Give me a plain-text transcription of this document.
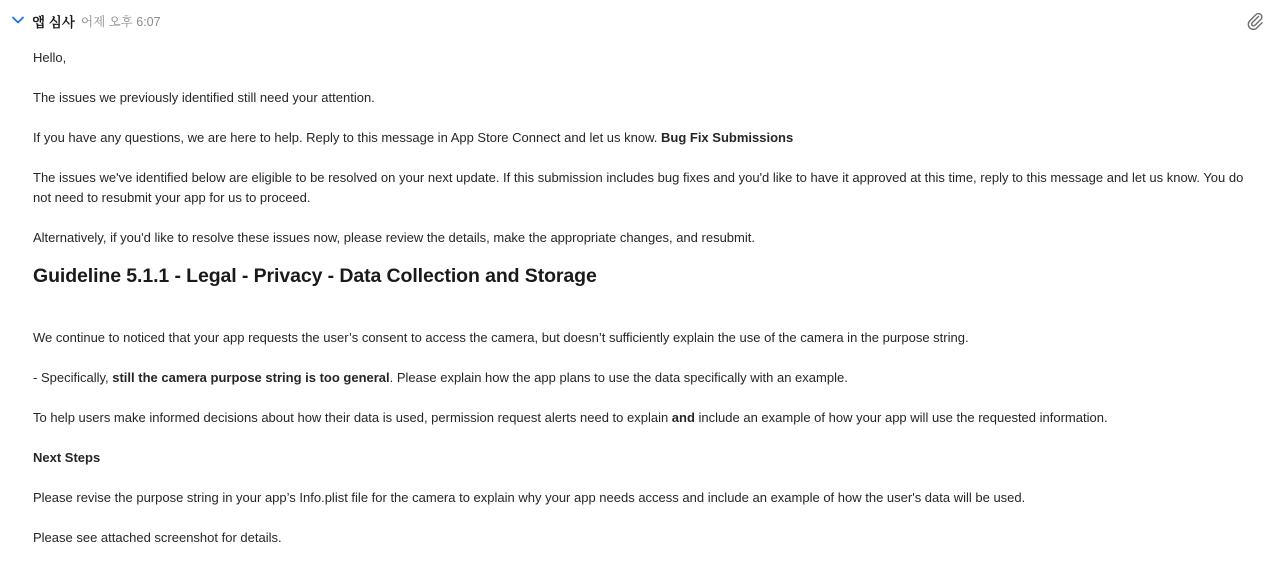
앱 심사 어제 오후 6:07

Hello,

The issues we previously identified still need your attention.

If you have any questions, we are here to help. Reply to this message in App Store Connect and let us know. Bug Fix Submissions

The issues we've identified below are eligible to be resolved on your next update. If this submission includes bug fixes and you'd like to have it approved at this time, reply to this message and let us know. You do not need to resubmit your app for us to proceed.

Alternatively, if you'd like to resolve these issues now, please review the details, make the appropriate changes, and resubmit.

Guideline 5.1.1 - Legal - Privacy - Data Collection and Storage

We continue to noticed that your app requests the user’s consent to access the camera, but doesn’t sufficiently explain the use of the camera in the purpose string.

- Specifically, still the camera purpose string is too general. Please explain how the app plans to use the data specifically with an example.

To help users make informed decisions about how their data is used, permission request alerts need to explain and include an example of how your app will use the requested information.

Next Steps

Please revise the purpose string in your app’s Info.plist file for the camera to explain why your app needs access and include an example of how the user's data will be used.

Please see attached screenshot for details.
